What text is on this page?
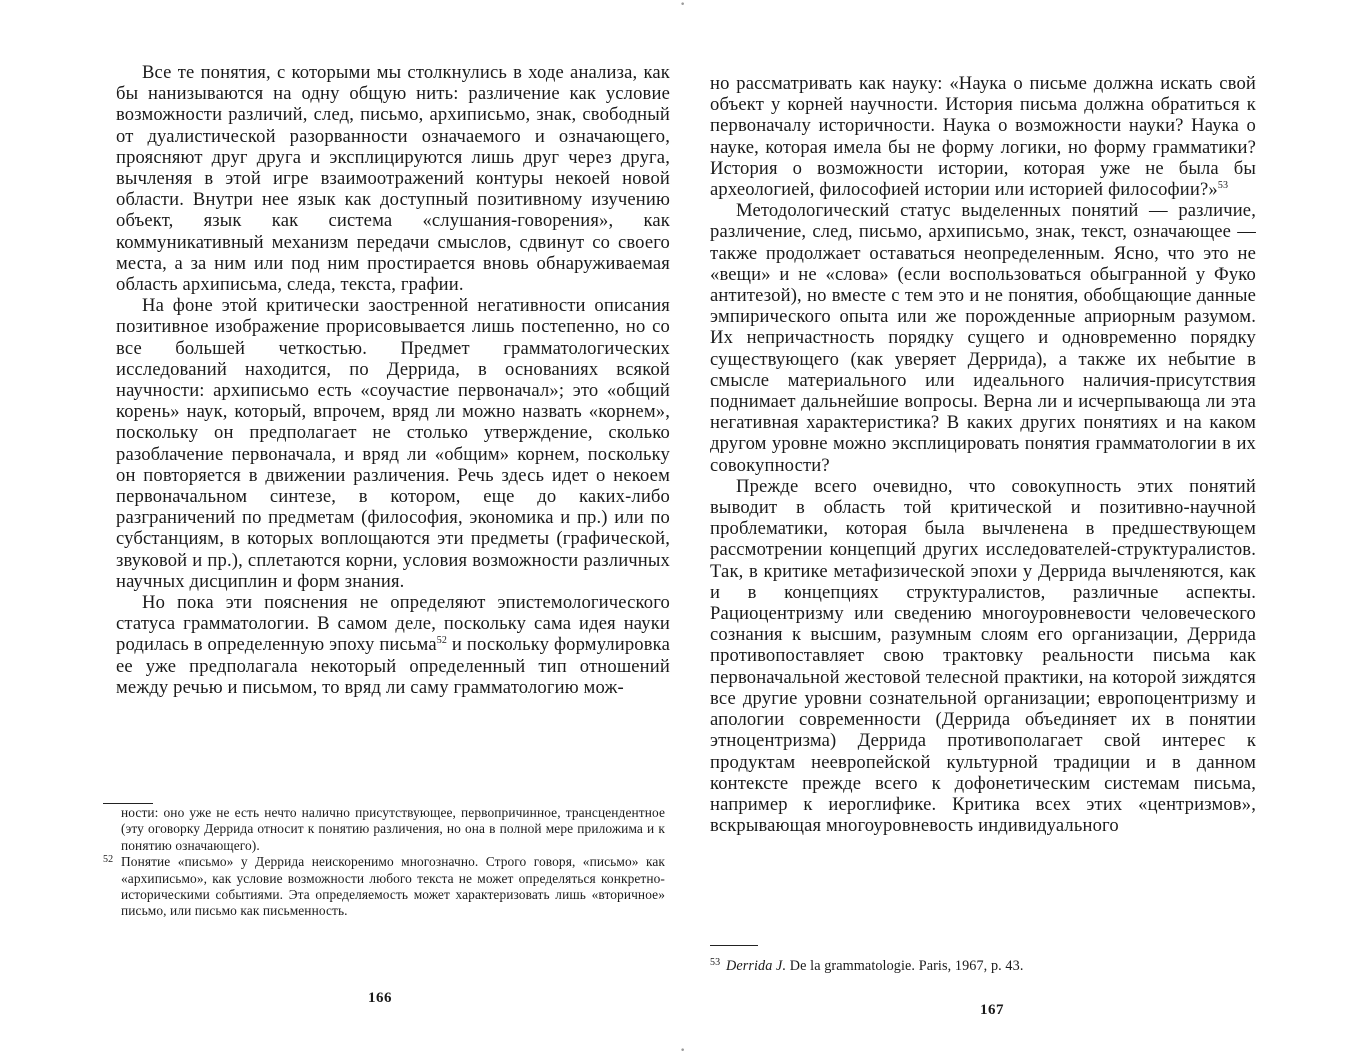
•
•

Все те понятия, с которыми мы столкнулись в ходе анализа, как бы нанизываются на одну общую нить: различение как условие возможности различий, след, письмо, архиписьмо, знак, свободный от дуалистической разорванности означаемого и означающего, проясняют друг друга и эксплицируются лишь друг через друга, вычленяя в этой игре взаимоотражений контуры некоей новой области. Внутри нее язык как доступный позитивному изучению объект, язык как система «слушания-говорения», как коммуникативный механизм передачи смыслов, сдвинут со своего места, а за ним или под ним простирается вновь обнаруживаемая область архиписьма, следа, текста, графии.

На фоне этой критически заостренной негативности описания позитивное изображение прорисовывается лишь постепенно, но со все большей четкостью. Предмет грамматологических исследований находится, по Деррида, в основаниях всякой научности: архиписьмо есть «соучастие первоначал»; это «общий корень» наук, который, впрочем, вряд ли можно назвать «корнем», поскольку он предполагает не столько утверждение, сколько разоблачение первоначала, и вряд ли «общим» корнем, поскольку он повторяется в движении различения. Речь здесь идет о некоем первоначальном синтезе, в котором, еще до каких-либо разграничений по предметам (философия, экономика и пр.) или по субстанциям, в которых воплощаются эти предметы (графической, звуковой и пр.), сплетаются корни, условия возможности различных научных дисциплин и форм знания.

Но пока эти пояснения не определяют эпистемологического статуса грамматологии. В самом деле, поскольку сама идея науки родилась в определенную эпоху письма$^{52}$ и поскольку формулировка ее уже предполагала некоторый определенный тип отношений между речью и письмом, то вряд ли саму грамматологию мож-

ности: оно уже не есть нечто налично присутствующее, первопричинное, трансцендентное (эту оговорку Деррида относит к понятию различения, но она в полной мере приложима и к понятию означающего).

52 Понятие «письмо» у Деррида неискоренимо многозначно. Строго говоря, «письмо» как «архиписьмо», как условие возможности любого текста не может определяться конкретно-историческими событиями. Эта определяемость может характеризовать лишь «вторичное» письмо, или письмо как письменность.

166

но рассматривать как науку: «Наука о письме должна искать свой объект у корней научности. История письма должна обратиться к первоначалу историчности. Наука о возможности науки? Наука о науке, которая имела бы не форму логики, но форму грамматики? История о возможности истории, которая уже не была бы археологией, философией истории или историей философии?»$^{53}$

Методологический статус выделенных понятий — различие, различение, след, письмо, архиписьмо, знак, текст, означающее — также продолжает оставаться неопределенным. Ясно, что это не «вещи» и не «слова» (если воспользоваться обыгранной у Фуко антитезой), но вместе с тем это и не понятия, обобщающие данные эмпирического опыта или же порожденные априорным разумом. Их непричастность порядку сущего и одновременно порядку существующего (как уверяет Деррида), а также их небытие в смысле материального или идеального наличия-присутствия поднимает дальнейшие вопросы. Верна ли и исчерпывающа ли эта негативная характеристика? В каких других понятиях и на каком другом уровне можно эксплицировать понятия грамматологии в их совокупности?

Прежде всего очевидно, что совокупность этих понятий выводит в область той критической и позитивно-научной проблематики, которая была вычленена в предшествующем рассмотрении концепций других исследователей-структуралистов. Так, в критике метафизической эпохи у Деррида вычленяются, как и в концепциях структуралистов, различные аспекты. Рациоцентризму или сведению многоуровневости человеческого сознания к высшим, разумным слоям его организации, Деррида противопоставляет свою трактовку реальности письма как первоначальной жестовой телесной практики, на которой зиждятся все другие уровни сознательной организации; европоцентризму и апологии современности (Деррида объединяет их в понятии этноцентризма) Деррида противополагает свой интерес к продуктам неевропейской культурной традиции и в данном контексте прежде всего к дофонетическим системам письма, например к иероглифике. Критика всех этих «центризмов», вскрывающая многоуровневость индивидуального

53 Derrida J. De la grammatologie. Paris, 1967, p. 43.

167
